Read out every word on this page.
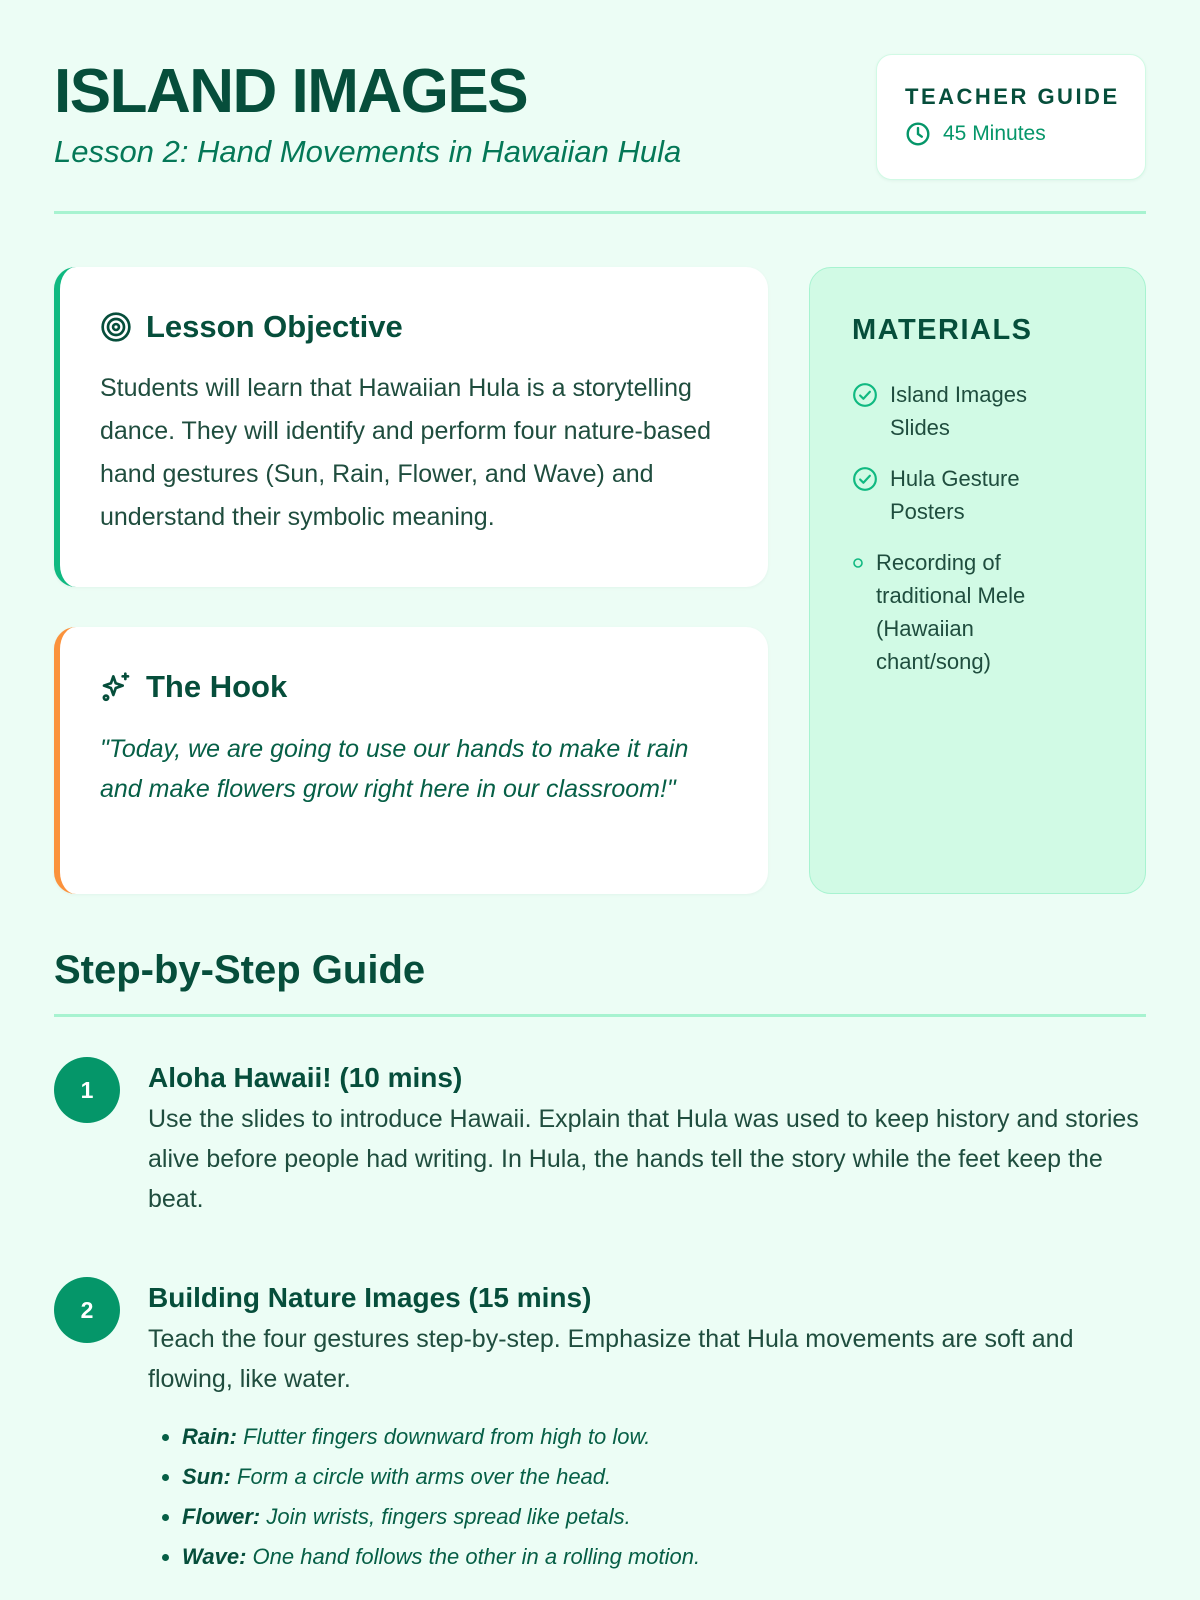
ISLAND IMAGES

Lesson 2: Hand Movements in Hawaiian Hula

TEACHER GUIDE
45 Minutes
Lesson Objective
Students will learn that Hawaiian Hula is a storytelling dance. They will identify and perform four nature-based hand gestures (Sun, Rain, Flower, and Wave) and understand their symbolic meaning.
The Hook
"Today, we are going to use our hands to make it rain and make flowers grow right here in our classroom!"
MATERIALS
Island Images Slides
Hula Gesture Posters
Recording of traditional Mele (Hawaiian chant/song)
Step-by-Step Guide
1	Aloha Hawaii! (10 mins)
Use the slides to introduce Hawaii. Explain that Hula was used to keep history and stories alive before people had writing. In Hula, the hands tell the story while the feet keep the beat.
2	Building Nature Images (15 mins)
Teach the four gestures step-by-step. Emphasize that Hula movements are soft and flowing, like water.
• Rain: Flutter fingers downward from high to low.
• Sun: Form a circle with arms over the head.
• Flower: Join wrists, fingers spread like petals.
• Wave: One hand follows the other in a rolling motion.
